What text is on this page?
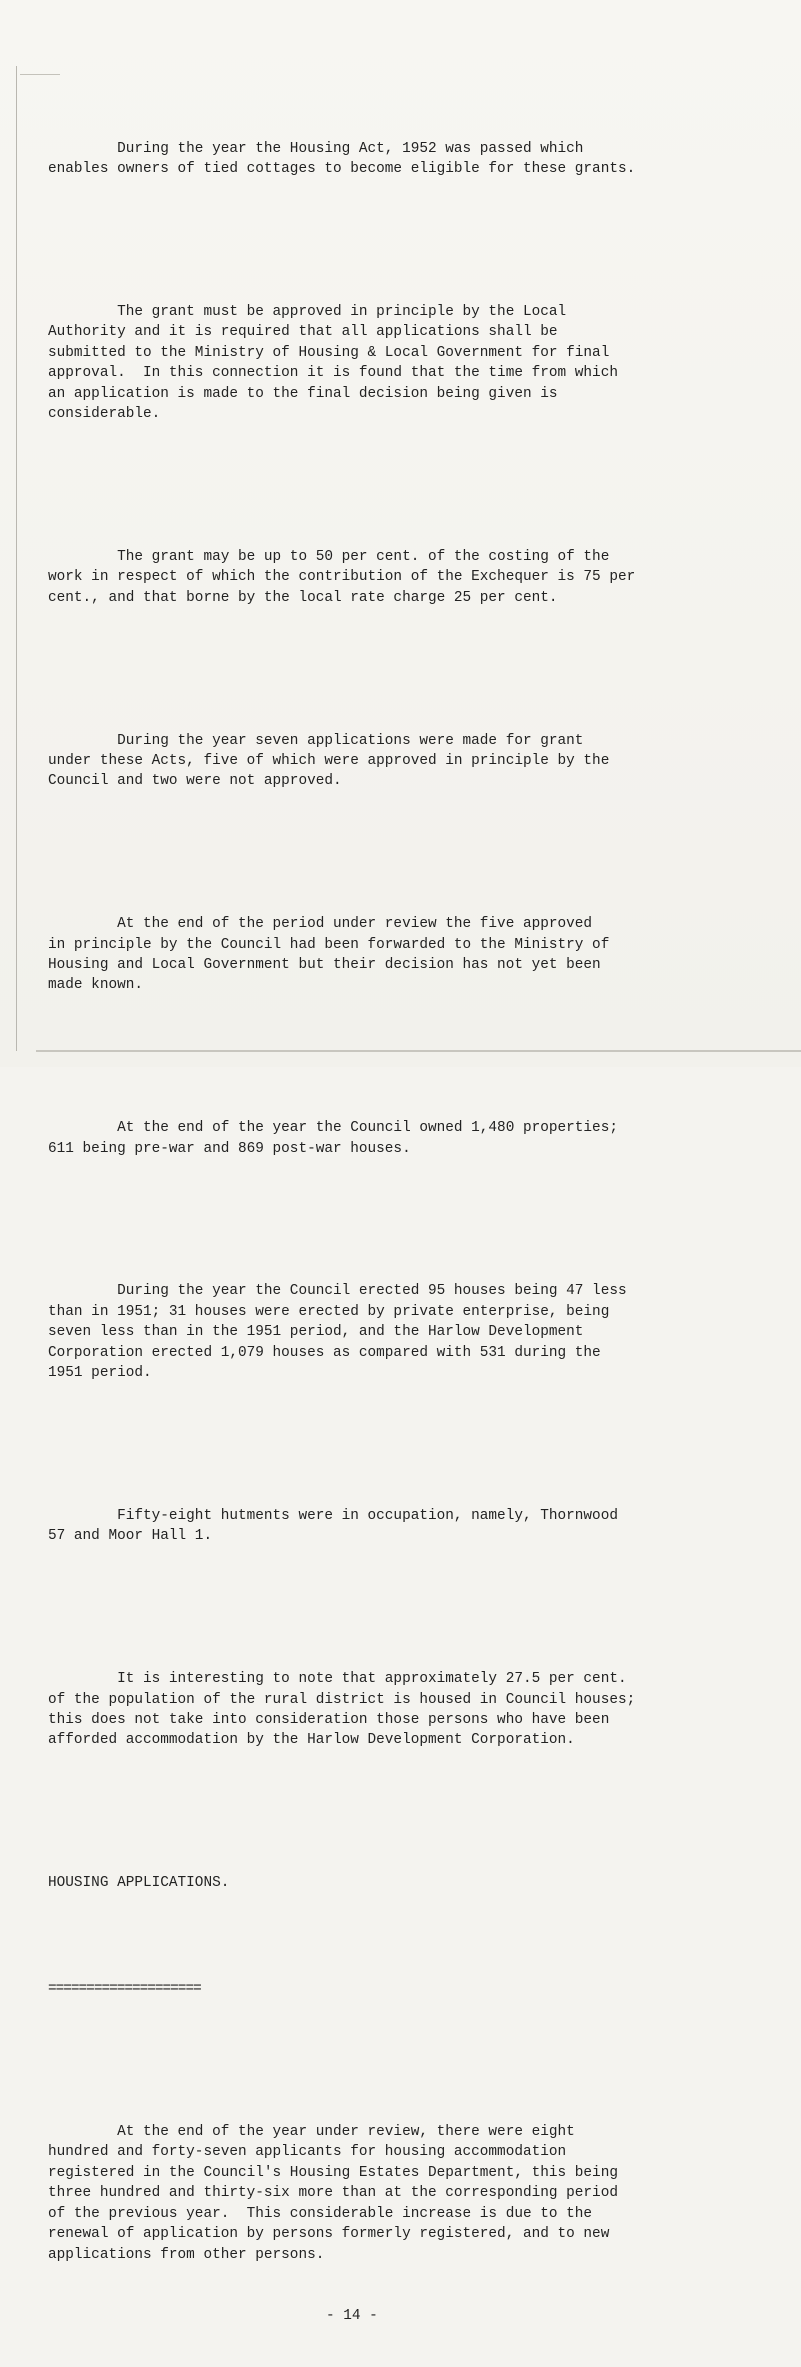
During the year the Housing Act, 1952 was passed which
enables owners of tied cottages to become eligible for these grants.

The grant must be approved in principle by the Local
Authority and it is required that all applications shall be
submitted to the Ministry of Housing & Local Government for final
approval.  In this connection it is found that the time from which
an application is made to the final decision being given is
considerable.

The grant may be up to 50 per cent. of the costing of the
work in respect of which the contribution of the Exchequer is 75 per
cent., and that borne by the local rate charge 25 per cent.

During the year seven applications were made for grant
under these Acts, five of which were approved in principle by the
Council and two were not approved.

At the end of the period under review the five approved
in principle by the Council had been forwarded to the Ministry of
Housing and Local Government but their decision has not yet been
made known.

At the end of the year the Council owned 1,480 properties;
611 being pre-war and 869 post-war houses.

During the year the Council erected 95 houses being 47 less
than in 1951; 31 houses were erected by private enterprise, being
seven less than in the 1951 period, and the Harlow Development
Corporation erected 1,079 houses as compared with 531 during the
1951 period.

Fifty-eight hutments were in occupation, namely, Thornwood
57 and Moor Hall 1.

It is interesting to note that approximately 27.5 per cent.
of the population of the rural district is housed in Council houses;
this does not take into consideration those persons who have been
afforded accommodation by the Harlow Development Corporation.

HOUSING APPLICATIONS.

====================

At the end of the year under review, there were eight
hundred and forty-seven applicants for housing accommodation
registered in the Council's Housing Estates Department, this being
three hundred and thirty-six more than at the corresponding period
of the previous year.  This considerable increase is due to the
renewal of application by persons formerly registered, and to new
applications from other persons.

- 14 -
